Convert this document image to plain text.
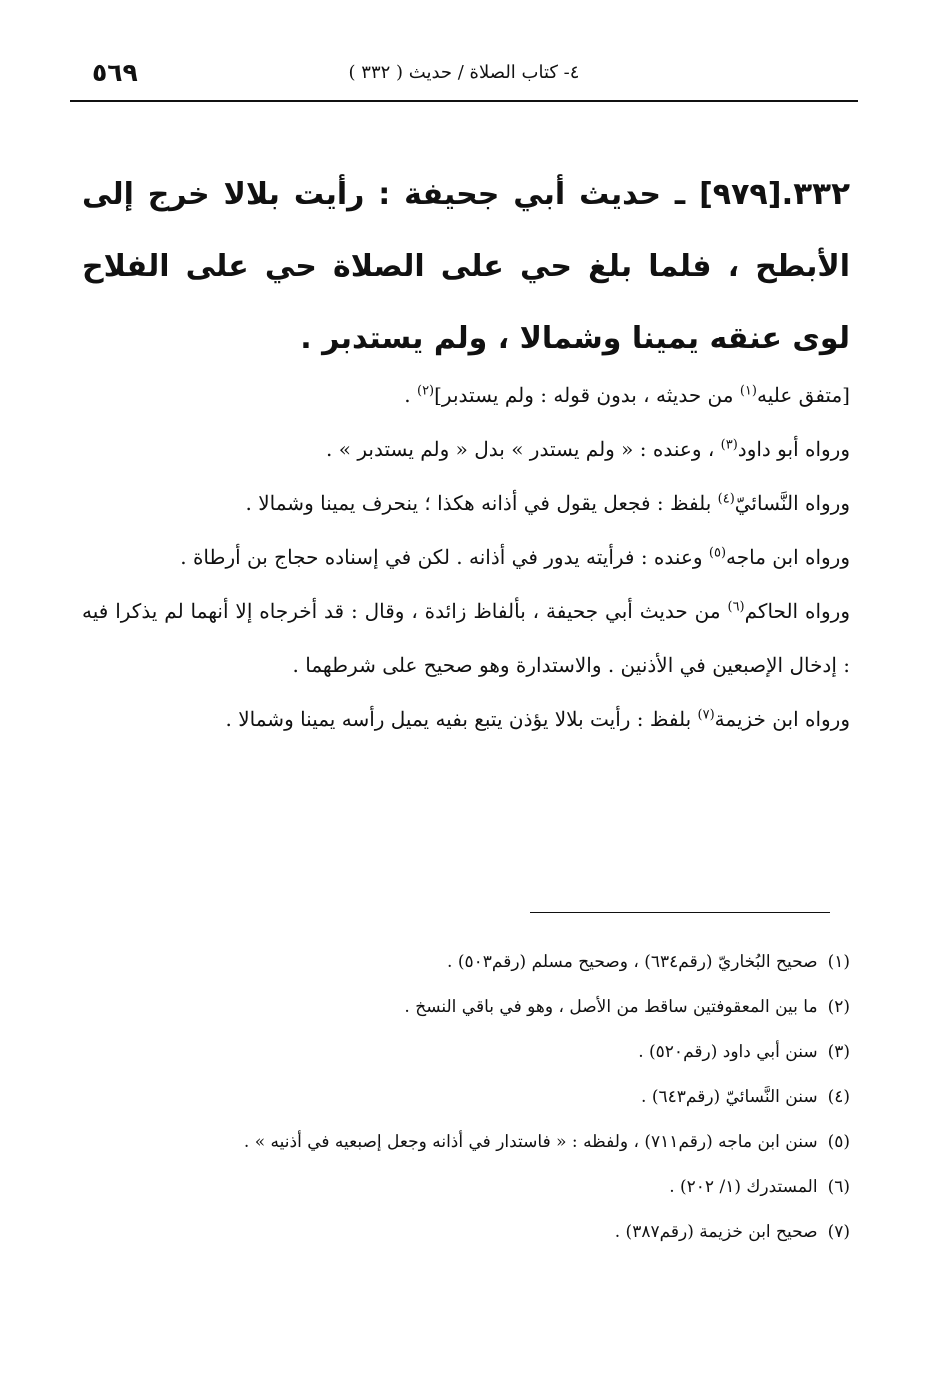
٥٦٩	٤- كتاب الصلاة / حديث ( ٣٣٢ )
٣٣٢.[٩٧٩] ـ حديث أبي جحيفة : رأيت بلالا خرج إلى الأبطح ، فلما بلغ حي على الصلاة حي على الفلاح لوى عنقه يمينا وشمالا ، ولم يستدبر .

[متفق عليه$^{(١)}$ من حديثه ، بدون قوله : ولم يستدبر]$^{(٢)}$ .

ورواه أبو داود$^{(٣)}$ ، وعنده : « ولم يستدر » بدل « ولم يستدبر » .

ورواه النَّسائيّ$^{(٤)}$ بلفظ : فجعل يقول في أذانه هكذا ؛ ينحرف يمينا وشمالا .

ورواه ابن ماجه$^{(٥)}$ وعنده : فرأيته يدور في أذانه . لكن في إسناده حجاج بن أرطاة .

ورواه الحاكم$^{(٦)}$ من حديث أبي جحيفة ، بألفاظ زائدة ، وقال : قد أخرجاه إلا أنهما لم يذكرا فيه : إدخال الإصبعين في الأذنين . والاستدارة وهو صحيح على شرطهما .

ورواه ابن خزيمة$^{(٧)}$ بلفظ : رأيت بلالا يؤذن يتبع بفيه يميل رأسه يمينا وشمالا .

(١)صحيح البُخاريّ (رقم٦٣٤) ، وصحيح مسلم (رقم٥٠٣) .
(٢)ما بين المعقوفتين ساقط من الأصل ، وهو في باقي النسخ .
(٣)سنن أبي داود (رقم٥٢٠) .
(٤)سنن النَّسائيّ (رقم٦٤٣) .
(٥)سنن ابن ماجه (رقم٧١١) ، ولفظه : « فاستدار في أذانه وجعل إصبعيه في أذنيه » .
(٦)المستدرك (١/ ٢٠٢) .
(٧)صحيح ابن خزيمة (رقم٣٨٧) .
